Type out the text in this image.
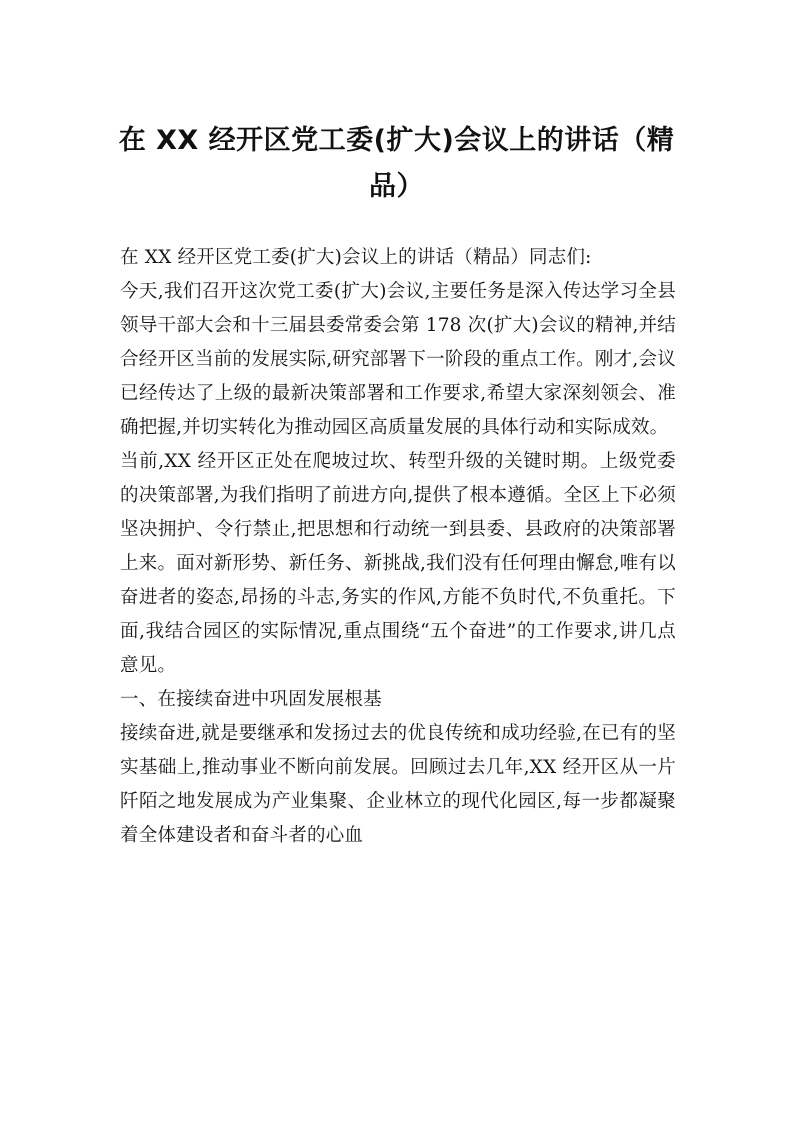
在 XX 经开区党工委(扩大)会议上的讲话（精品）

在 XX 经开区党工委(扩大)会议上的讲话（精品）同志们:

今天,我们召开这次党工委(扩大)会议,主要任务是深入传达学习全县领导干部大会和十三届县委常委会第 178 次(扩大)会议的精神,并结合经开区当前的发展实际,研究部署下一阶段的重点工作。刚才,会议已经传达了上级的最新决策部署和工作要求,希望大家深刻领会、准确把握,并切实转化为推动园区高质量发展的具体行动和实际成效。

当前,XX 经开区正处在爬坡过坎、转型升级的关键时期。上级党委的决策部署,为我们指明了前进方向,提供了根本遵循。全区上下必须坚决拥护、令行禁止,把思想和行动统一到县委、县政府的决策部署上来。面对新形势、新任务、新挑战,我们没有任何理由懈怠,唯有以奋进者的姿态,昂扬的斗志,务实的作风,方能不负时代,不负重托。下面,我结合园区的实际情况,重点围绕“五个奋进”的工作要求,讲几点意见。

一、在接续奋进中巩固发展根基

接续奋进,就是要继承和发扬过去的优良传统和成功经验,在已有的坚实基础上,推动事业不断向前发展。回顾过去几年,XX 经开区从一片阡陌之地发展成为产业集聚、企业林立的现代化园区,每一步都凝聚着全体建设者和奋斗者的心血
